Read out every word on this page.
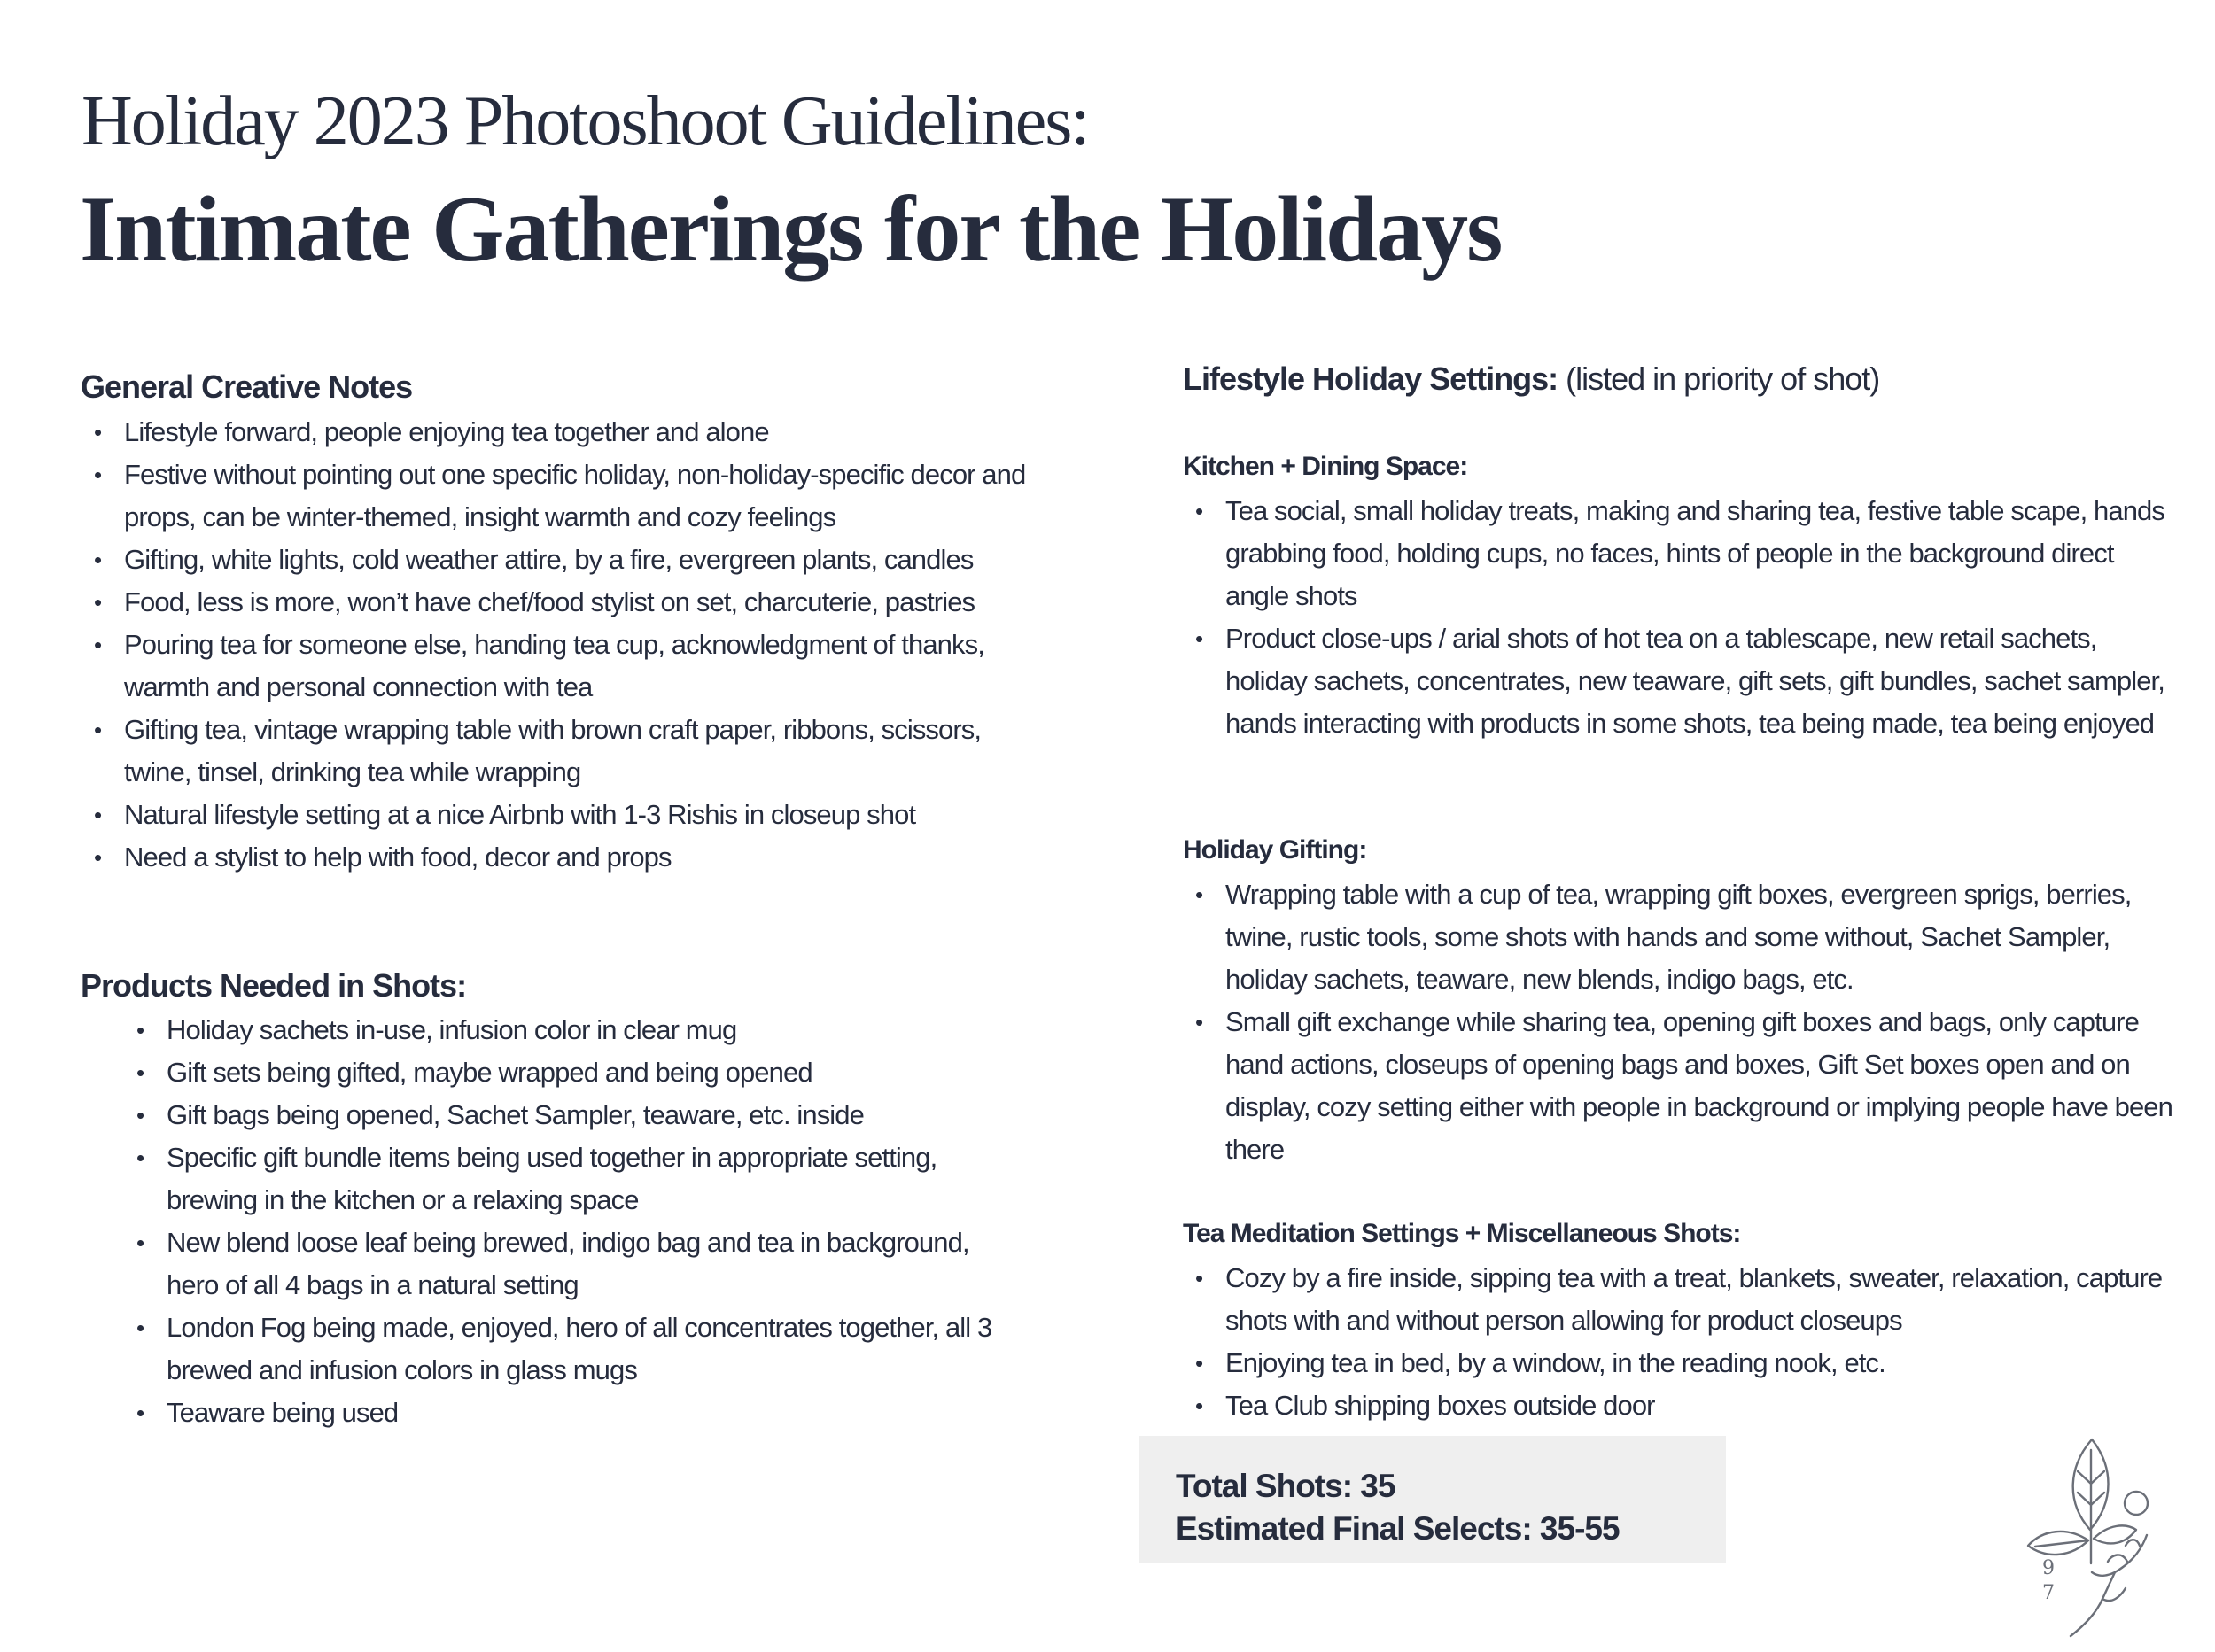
Holiday 2023 Photoshoot Guidelines:
Intimate Gatherings for the Holidays
General Creative Notes
• Lifestyle forward, people enjoying tea together and alone
• Festive without pointing out one specific holiday, non-holiday-specific decor and props, can be winter-themed, insight warmth and cozy feelings
• Gifting, white lights, cold weather attire, by a fire, evergreen plants, candles
• Food, less is more, won’t have chef/food stylist on set, charcuterie, pastries
• Pouring tea for someone else, handing tea cup, acknowledgment of thanks, warmth and personal connection with tea
• Gifting tea, vintage wrapping table with brown craft paper, ribbons, scissors, twine, tinsel, drinking tea while wrapping
• Natural lifestyle setting at a nice Airbnb with 1-3 Rishis in closeup shot
• Need a stylist to help with food, decor and props
Products Needed in Shots:
• Holiday sachets in-use, infusion color in clear mug
• Gift sets being gifted, maybe wrapped and being opened
• Gift bags being opened, Sachet Sampler, teaware, etc. inside
• Specific gift bundle items being used together in appropriate setting, brewing in the kitchen or a relaxing space
• New blend loose leaf being brewed, indigo bag and tea in background, hero of all 4 bags in a natural setting
• London Fog being made, enjoyed, hero of all concentrates together, all 3 brewed and infusion colors in glass mugs
• Teaware being used
Lifestyle Holiday Settings: (listed in priority of shot)
Kitchen + Dining Space:
• Tea social, small holiday treats, making and sharing tea, festive table scape, hands grabbing food, holding cups, no faces, hints of people in the background direct angle shots
• Product close-ups / arial shots of hot tea on a tablescape, new retail sachets, holiday sachets, concentrates, new teaware, gift sets, gift bundles, sachet sampler, hands interacting with products in some shots, tea being made, tea being enjoyed
Holiday Gifting:
• Wrapping table with a cup of tea, wrapping gift boxes, evergreen sprigs, berries, twine, rustic tools, some shots with hands and some without, Sachet Sampler, holiday sachets, teaware, new blends, indigo bags, etc.
• Small gift exchange while sharing tea, opening gift boxes and bags, only capture hand actions, closeups of opening bags and boxes, Gift Set boxes open and on display, cozy setting either with people in background or implying people have been there
Tea Meditation Settings + Miscellaneous Shots:
• Cozy by a fire inside, sipping tea with a treat, blankets, sweater, relaxation, capture shots with and without person allowing for product closeups
• Enjoying tea in bed, by a window, in the reading nook, etc.
• Tea Club shipping boxes outside door
Total Shots: 35
Estimated Final Selects: 35-55
9
7
